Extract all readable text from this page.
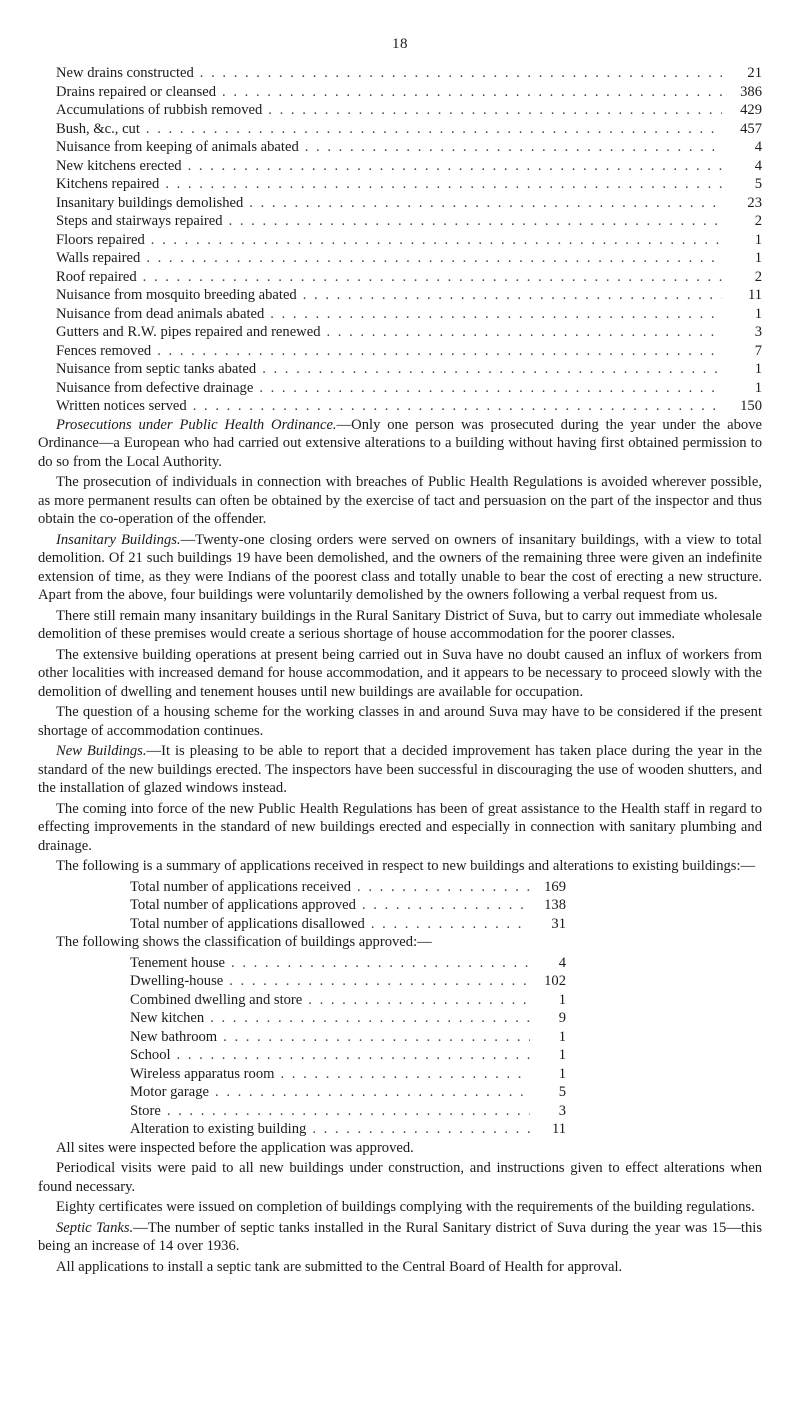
18
New drains constructed . .	21
Drains repaired or cleansed . .	386
Accumulations of rubbish removed . .	429
Bush, &c., cut . .	457
Nuisance from keeping of animals abated . .	4
New kitchens erected . .	4
Kitchens repaired . .	5
Insanitary buildings demolished . .	23
Steps and stairways repaired . .	2
Floors repaired . .	1
Walls repaired . .	1
Roof repaired . .	2
Nuisance from mosquito breeding abated . .	11
Nuisance from dead animals abated . .	1
Gutters and R.W. pipes repaired and renewed . .	3
Fences removed . .	7
Nuisance from septic tanks abated . .	1
Nuisance from defective drainage . .	1
Written notices served . .	150

Prosecutions under Public Health Ordinance.—Only one person was prosecuted during the year under the above Ordinance—a European who had carried out extensive alterations to a building without having first obtained permission to do so from the Local Authority.

The prosecution of individuals in connection with breaches of Public Health Regulations is avoided wherever possible, as more permanent results can often be obtained by the exercise of tact and persuasion on the part of the inspector and thus obtain the co-operation of the offender.

Insanitary Buildings.—Twenty-one closing orders were served on owners of insanitary buildings, with a view to total demolition. Of 21 such buildings 19 have been demolished, and the owners of the remaining three were given an indefinite extension of time, as they were Indians of the poorest class and totally unable to bear the cost of erecting a new structure. Apart from the above, four buildings were voluntarily demolished by the owners following a verbal request from us.

There still remain many insanitary buildings in the Rural Sanitary District of Suva, but to carry out immediate wholesale demolition of these premises would create a serious shortage of house accommodation for the poorer classes.

The extensive building operations at present being carried out in Suva have no doubt caused an influx of workers from other localities with increased demand for house accommodation, and it appears to be necessary to proceed slowly with the demolition of dwelling and tenement houses until new buildings are available for occupation.

The question of a housing scheme for the working classes in and around Suva may have to be considered if the present shortage of accommodation continues.

New Buildings.—It is pleasing to be able to report that a decided improvement has taken place during the year in the standard of the new buildings erected. The inspectors have been successful in discouraging the use of wooden shutters, and the installation of glazed windows instead.

The coming into force of the new Public Health Regulations has been of great assistance to the Health staff in regard to effecting improvements in the standard of new buildings erected and especially in connection with sanitary plumbing and drainage.

The following is a summary of applications received in respect to new buildings and alterations to existing buildings:—

Total number of applications received . .	169
Total number of applications approved . .	138
Total number of applications disallowed . .	31

The following shows the classification of buildings approved:—

Tenement house . .	4
Dwelling-house . .	102
Combined dwelling and store . .	1
New kitchen . .	9
New bathroom . .	1
School . .	1
Wireless apparatus room . .	1
Motor garage . .	5
Store . .	3
Alteration to existing building . .	11

All sites were inspected before the application was approved.

Periodical visits were paid to all new buildings under construction, and instructions given to effect alterations when found necessary.

Eighty certificates were issued on completion of buildings complying with the requirements of the building regulations.

Septic Tanks.—The number of septic tanks installed in the Rural Sanitary district of Suva during the year was 15—this being an increase of 14 over 1936.

All applications to install a septic tank are submitted to the Central Board of Health for approval.
